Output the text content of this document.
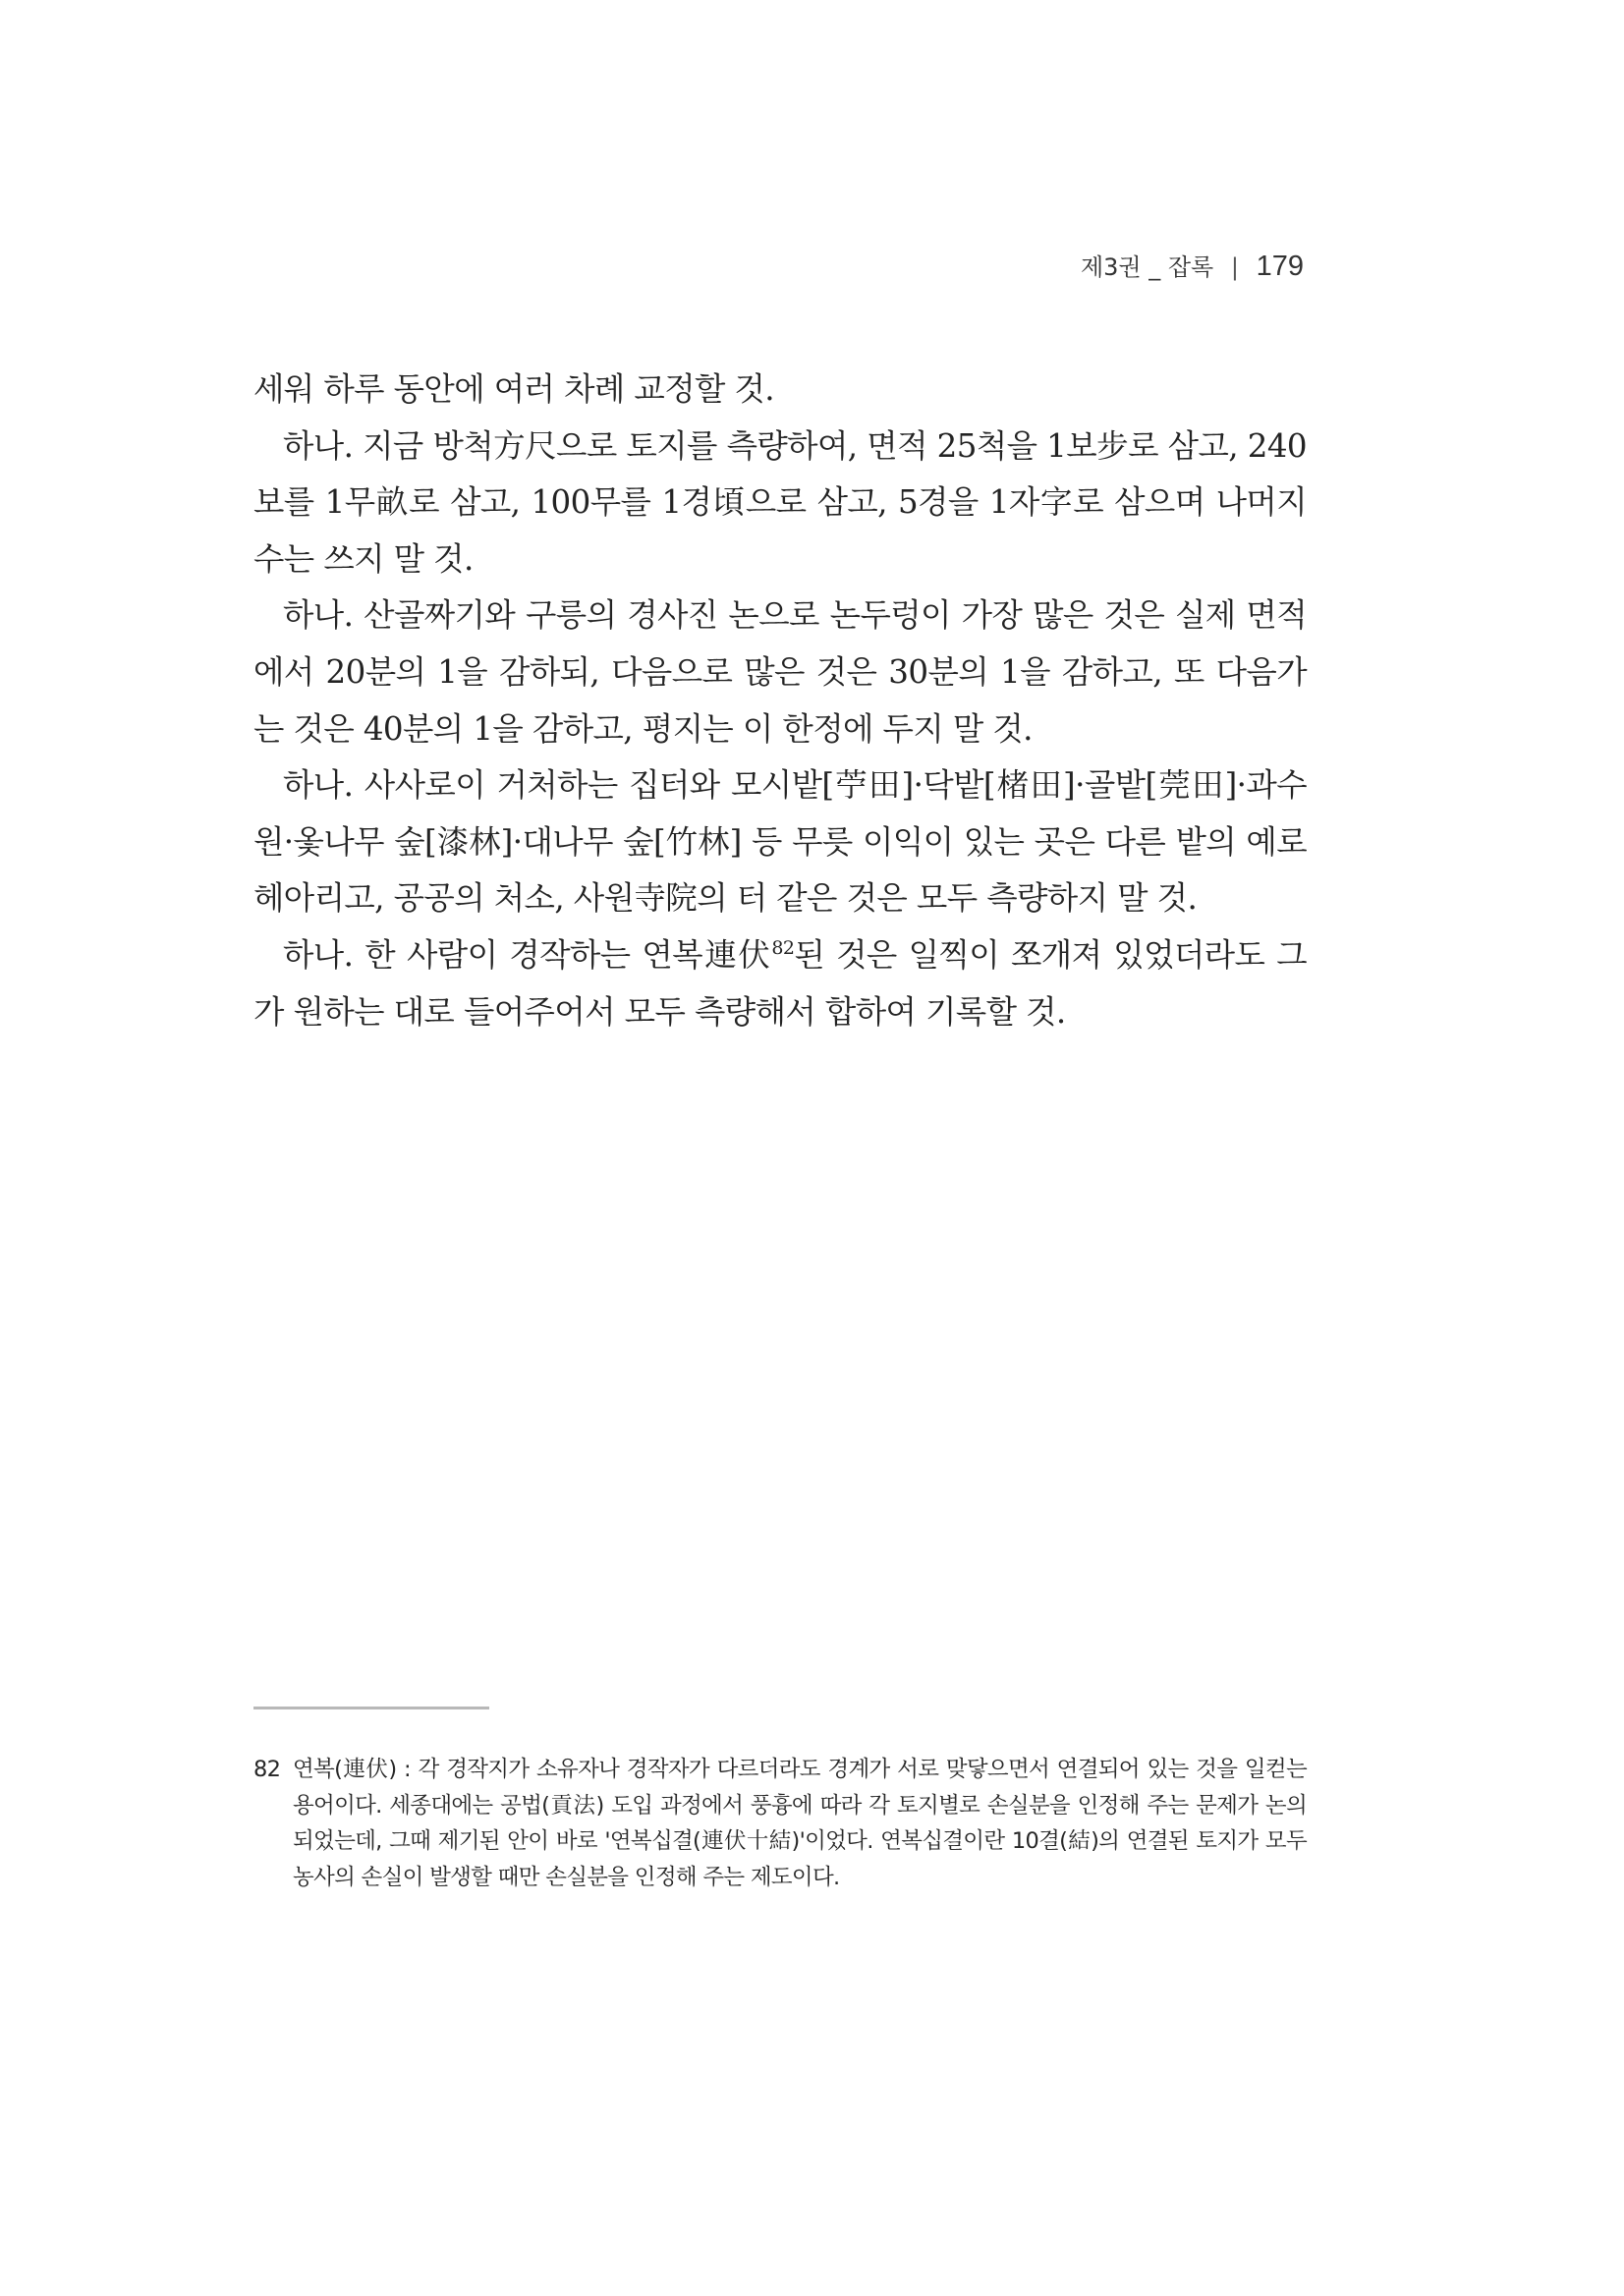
제3권 _ 잡록 | 179

세워 하루 동안에 여러 차례 교정할 것.

하나. 지금 방척方尺으로 토지를 측량하여, 면적 25척을 1보步로 삼고, 240보를 1무畝로 삼고, 100무를 1경頃으로 삼고, 5경을 1자字로 삼으며 나머지 수는 쓰지 말 것.

하나. 산골짜기와 구릉의 경사진 논으로 논두렁이 가장 많은 것은 실제 면적에서 20분의 1을 감하되, 다음으로 많은 것은 30분의 1을 감하고, 또 다음가는 것은 40분의 1을 감하고, 평지는 이 한정에 두지 말 것.

하나. 사사로이 거처하는 집터와 모시밭[苧田]·닥밭[楮田]·골밭[莞田]·과수원·옻나무 숲[漆林]·대나무 숲[竹林] 등 무릇 이익이 있는 곳은 다른 밭의 예로 헤아리고, 공공의 처소, 사원寺院의 터 같은 것은 모두 측량하지 말 것.

하나. 한 사람이 경작하는 연복連伏$^{82}$된 것은 일찍이 쪼개져 있었더라도 그가 원하는 대로 들어주어서 모두 측량해서 합하여 기록할 것.

82 연복(連伏) : 각 경작지가 소유자나 경작자가 다르더라도 경계가 서로 맞닿으면서 연결되어 있는 것을 일컫는 용어이다. 세종대에는 공법(貢法) 도입 과정에서 풍흉에 따라 각 토지별로 손실분을 인정해 주는 문제가 논의되었는데, 그때 제기된 안이 바로 '연복십결(連伏十結)'이었다. 연복십결이란 10결(結)의 연결된 토지가 모두 농사의 손실이 발생할 때만 손실분을 인정해 주는 제도이다.
